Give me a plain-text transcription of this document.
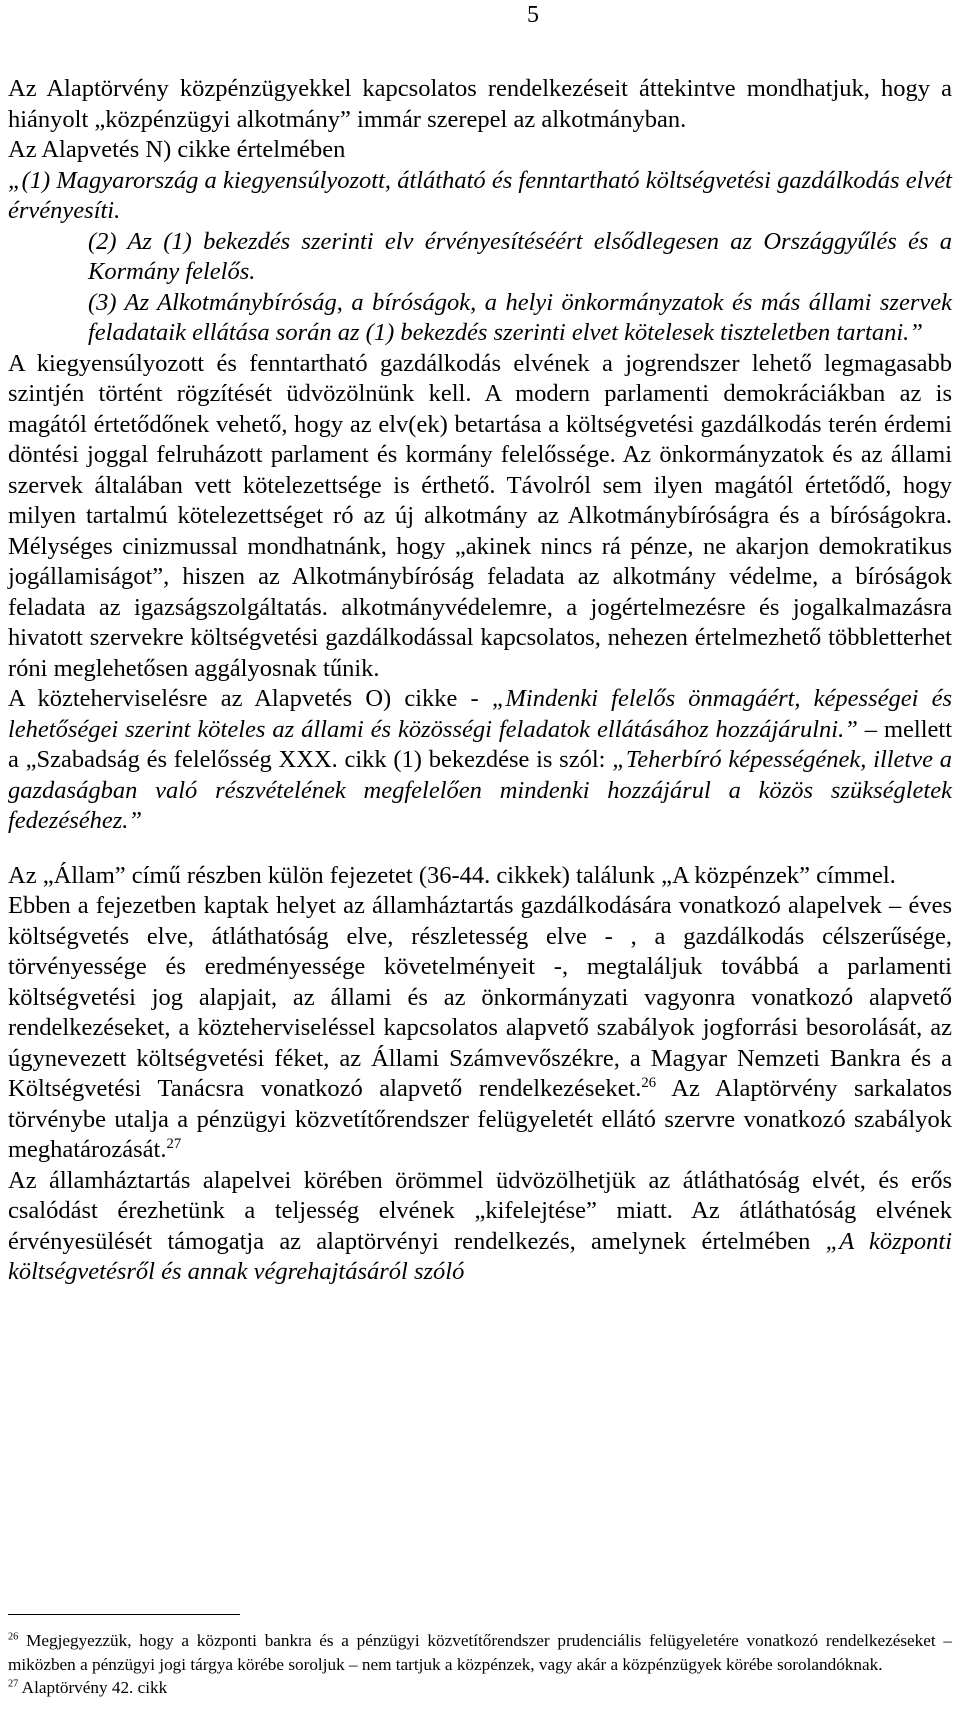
5

Az Alaptörvény közpénzügyekkel kapcsolatos rendelkezéseit áttekintve mondhatjuk, hogy a hiányolt „közpénzügyi alkotmány” immár szerepel az alkotmányban.

Az Alapvetés N) cikke értelmében

„(1) Magyarország a kiegyensúlyozott, átlátható és fenntartható költségvetési gazdálkodás elvét érvényesíti.

(2) Az (1) bekezdés szerinti elv érvényesítéséért elsődlegesen az Országgyűlés és a Kormány felelős.

(3) Az Alkotmánybíróság, a bíróságok, a helyi önkormányzatok és más állami szervek feladataik ellátása során az (1) bekezdés szerinti elvet kötelesek tiszteletben tartani.”

A kiegyensúlyozott és fenntartható gazdálkodás elvének a jogrendszer lehető legmagasabb szintjén történt rögzítését üdvözölnünk kell. A modern parlamenti demokráciákban az is magától értetődőnek vehető, hogy az elv(ek) betartása a költségvetési gazdálkodás terén érdemi döntési joggal felruházott parlament és kormány felelőssége. Az önkormányzatok és az állami szervek általában vett kötelezettsége is érthető. Távolról sem ilyen magától értetődő, hogy milyen tartalmú kötelezettséget ró az új alkotmány az Alkotmánybíróságra és a bíróságokra. Mélységes cinizmussal mondhatnánk, hogy „akinek nincs rá pénze, ne akarjon demokratikus jogállamiságot”, hiszen az Alkotmánybíróság feladata az alkotmány védelme, a bíróságok feladata az igazságszolgáltatás. alkotmányvédelemre, a jogértelmezésre és jogalkalmazásra hivatott szervekre költségvetési gazdálkodással kapcsolatos, nehezen értelmezhető többletterhet róni meglehetősen aggályosnak tűnik.

A közteherviselésre az Alapvetés O) cikke - „Mindenki felelős önmagáért, képességei és lehetőségei szerint köteles az állami és közösségi feladatok ellátásához hozzájárulni.” – mellett a „Szabadság és felelősség XXX. cikk (1) bekezdése is szól: „Teherbíró képességének, illetve a gazdaságban való részvételének megfelelően mindenki hozzájárul a közös szükségletek fedezéséhez.”

Az „Állam” című részben külön fejezetet (36-44. cikkek) találunk „A közpénzek” címmel.

Ebben a fejezetben kaptak helyet az államháztartás gazdálkodására vonatkozó alapelvek – éves költségvetés elve, átláthatóság elve, részletesség elve - , a gazdálkodás célszerűsége, törvényessége és eredményessége követelményeit -, megtaláljuk továbbá a parlamenti költségvetési jog alapjait, az állami és az önkormányzati vagyonra vonatkozó alapvető rendelkezéseket, a közteherviseléssel kapcsolatos alapvető szabályok jogforrási besorolását, az úgynevezett költségvetési féket, az Állami Számvevőszékre, a Magyar Nemzeti Bankra és a Költségvetési Tanácsra vonatkozó alapvető rendelkezéseket.$^{26}$ Az Alaptörvény sarkalatos törvénybe utalja a pénzügyi közvetítőrendszer felügyeletét ellátó szervre vonatkozó szabályok meghatározását.$^{27}$

Az államháztartás alapelvei körében örömmel üdvözölhetjük az átláthatóság elvét, és erős csalódást érezhetünk a teljesség elvének „kifelejtése” miatt. Az átláthatóság elvének érvényesülését támogatja az alaptörvényi rendelkezés, amelynek értelmében „A központi költségvetésről és annak végrehajtásáról szóló

$^{26}$ Megjegyezzük, hogy a központi bankra és a pénzügyi közvetítőrendszer prudenciális felügyeletére vonatkozó rendelkezéseket – miközben a pénzügyi jogi tárgya körébe soroljuk – nem tartjuk a közpénzek, vagy akár a közpénzügyek körébe sorolandóknak.

$^{27}$ Alaptörvény 42. cikk
